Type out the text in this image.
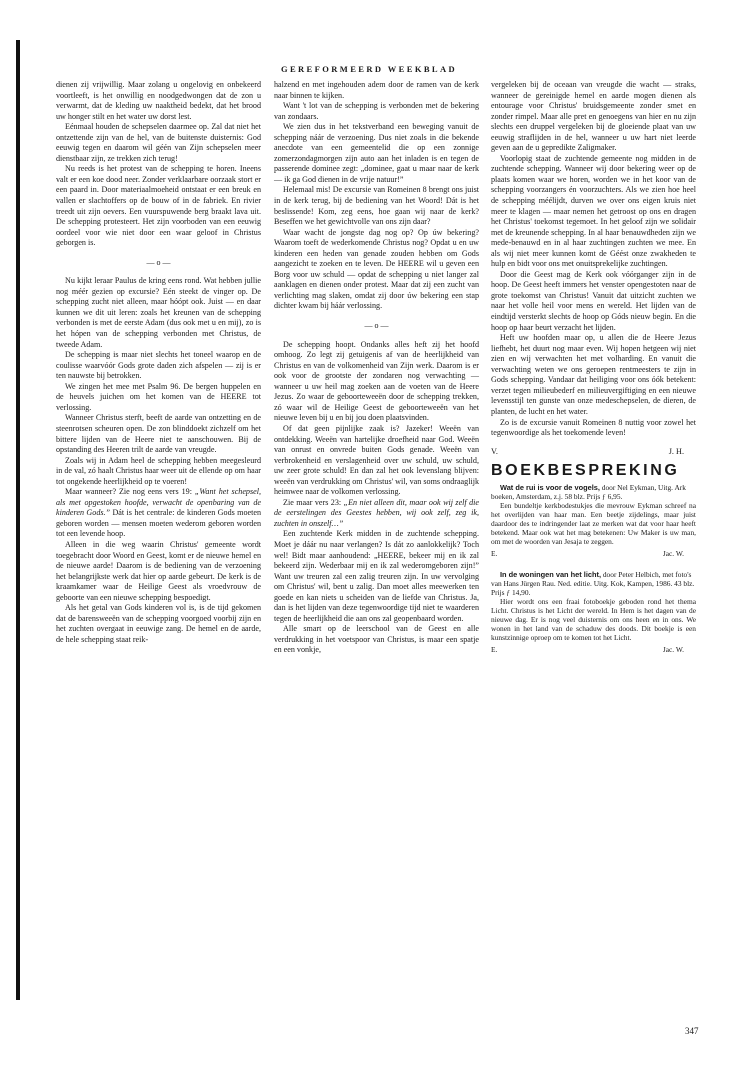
GEREFORMEERD WEEKBLAD

dienen zij vrijwillig. Maar zolang u ongelovig en onbekeerd voortleeft, is het onwillig en noodgedwongen dat de zon u verwarmt, dat de kleding uw naaktheid bedekt, dat het brood uw honger stilt en het water uw dorst lest.

Eénmaal houden de schepselen daarmee op. Zal dat niet het ontzettende zijn van de hel, van de buitenste duisternis: God eeuwig tegen en daarom wil géén van Zijn schepselen meer dienstbaar zijn, ze trekken zich terug!

Nu reeds is het protest van de schepping te horen. Ineens valt er een koe dood neer. Zonder verklaarbare oorzaak stort er een paard in. Door materiaalmoeheid ontstaat er een breuk en vallen er slachtoffers op de bouw of in de fabriek. En rivier treedt uit zijn oevers. Een vuurspuwende berg braakt lava uit. De schepping protesteert. Het zijn voorboden van een eeuwig oordeel voor wie niet door een waar geloof in Christus geborgen is.

— o —

Nu kijkt leraar Paulus de kring eens rond. Wat hebben jullie nog méér gezien op excursie? Eén steekt de vinger op. De schepping zucht niet alleen, maar hóópt ook. Juist — en daar kunnen we dit uit leren: zoals het kreunen van de schepping verbonden is met de eerste Adam (dus ook met u en mij), zo is het hópen van de schepping verbonden met Christus, de tweede Adam.

De schepping is maar niet slechts het toneel waarop en de coulisse waarvóór Gods grote daden zich afspelen — zij is er ten nauwste bij betrokken.

We zingen het mee met Psalm 96. De bergen huppelen en de heuvels juichen om het komen van de HEERE tot verlossing.

Wanneer Christus sterft, beeft de aarde van ontzetting en de steenrotsen scheuren open. De zon blinddoekt zichzelf om het bittere lijden van de Heere niet te aanschouwen. Bij de opstanding des Heeren trilt de aarde van vreugde.

Zoals wij in Adam heel de schepping hebben meegesleurd in de val, zó haalt Christus haar weer uit de ellende op om haar tot ongekende heerlijkheid op te voeren!

Maar wanneer? Zie nog eens vers 19: „Want het schepsel, als met opgestoken hoofde, verwacht de openbaring van de kinderen Gods.” Dát is het centrale: de kinderen Gods moeten geboren worden — mensen moeten wederom geboren worden tot een levende hoop.

Alleen in die weg waarin Christus' gemeente wordt toegebracht door Woord en Geest, komt er de nieuwe hemel en de nieuwe aarde! Daarom is de bediening van de verzoening het belangrijkste werk dat hier op aarde gebeurt. De kerk is de kraamkamer waar de Heilige Geest als vroedvrouw de geboorte van een nieuwe schepping bespoedigt.

Als het getal van Gods kinderen vol is, is de tijd gekomen dat de barensweeën van de schepping voorgoed voorbij zijn en het zuchten overgaat in eeuwige zang. De hemel en de aarde, de hele schepping staat reik-

halzend en met ingehouden adem door de ramen van de kerk naar binnen te kijken.

Want 't lot van de schepping is verbonden met de bekering van zondaars.

We zien dus in het tekstverband een beweging vanuit de schepping náár de verzoening. Dus niet zoals in die bekende anecdote van een gemeentelid die op een zonnige zomerzondagmorgen zijn auto aan het inladen is en tegen de passerende dominee zegt: „dominee, gaat u maar naar de kerk — ik ga God dienen in de vrije natuur!”

Helemaal mis! De excursie van Romeinen 8 brengt ons juist in de kerk terug, bij de bediening van het Woord! Dát is het beslissende! Kom, zeg eens, hoe gaan wij naar de kerk? Beseffen we het gewichtvolle van ons zijn daar?

Waar wacht de jongste dag nog op? Op úw bekering? Waarom toeft de wederkomende Christus nog? Opdat u en uw kinderen een heden van genade zouden hebben om Gods aangezicht te zoeken en te leven. De HEERE wil u geven een Borg voor uw schuld — opdat de schepping u niet langer zal aanklagen en dienen onder protest. Maar dat zij een zucht van verlichting mag slaken, omdat zij door úw bekering een stap dichter kwam bij háár verlossing.

— o —

De schepping hoopt. Ondanks alles heft zij het hoofd omhoog. Zo legt zij getuigenis af van de heerlijkheid van Christus en van de volkomenheid van Zijn werk. Daarom is er ook voor de grootste der zondaren nog verwachting — wanneer u uw heil mag zoeken aan de voeten van de Heere Jezus. Zo waar de geboorteweeën door de schepping trekken, zó waar wil de Heilige Geest de geboorteweeën van het nieuwe leven bij u en bij jou doen plaatsvinden.

Of dat geen pijnlijke zaak is? Jazeker! Weeën van ontdekking. Weeën van hartelijke droefheid naar God. Weeën van onrust en onvrede buiten Gods genade. Weeën van verbrokenheid en verslagenheid over uw schuld, uw schuld, uw zeer grote schuld! En dan zal het ook levenslang blijven: weeën van verdrukking om Christus' wil, van soms ondraaglijk heimwee naar de volkomen verlossing.

Zie maar vers 23: „En niet alleen dit, maar ook wij zelf die de eerstelingen des Geestes hebben, wij ook zelf, zeg ik, zuchten in onszelf…”

Een zuchtende Kerk midden in de zuchtende schepping. Moet je dáár nu naar verlangen? Is dát zo aanlokkelijk? Toch wel! Bidt maar aanhoudend: „HEERE, bekeer mij en ik zal bekeerd zijn. Wederbaar mij en ik zal wederomgeboren zijn!” Want uw treuren zal een zalig treuren zijn. In uw vervolging om Christus' wil, bent u zalig. Dan moet alles meewerken ten goede en kan niets u scheiden van de liefde van Christus. Ja, dan is het lijden van deze tegenwoordige tijd niet te waarderen tegen de heerlijkheid die aan ons zal geopenbaard worden.

Alle smart op de leerschool van de Geest en alle verdrukking in het voetspoor van Christus, is maar een spatje en een vonkje,

vergeleken bij de oceaan van vreugde die wacht — straks, wanneer de gereinigde hemel en aarde mogen dienen als entourage voor Christus' bruidsgemeente zonder smet en zonder rimpel. Maar alle pret en genoegens van hier en nu zijn slechts een druppel vergeleken bij de gloeiende plaat van uw eeuwig straflijden in de hel, wanneer u uw hart niet leerde geven aan de u gepredikte Zaligmaker.

Voorlopig staat de zuchtende gemeente nog midden in de zuchtende schepping. Wanneer wij door bekering weer op de plaats komen waar we horen, worden we in het koor van de schepping voorzangers én voorzuchters. Als we zien hoe heel de schepping méélijdt, durven we over ons eigen kruis niet meer te klagen — maar nemen het getroost op ons en dragen het Christus' toekomst tegemoet. In het geloof zijn we solidair met de kreunende schepping. In al haar benauwdheden zijn we mede-benauwd en in al haar zuchtingen zuchten we mee. En als wij niet meer kunnen komt de Géést onze zwakheden te hulp en bidt voor ons met onuitsprekelijke zuchtingen.

Door die Geest mag de Kerk ook vóórganger zijn in de hoop. De Geest heeft immers het venster opengestoten naar de grote toekomst van Christus! Vanuit dat uitzicht zuchten we naar het volle heil voor mens en wereld. Het lijden van de eindtijd versterkt slechts de hoop op Góds nieuw begin. En die hoop op haar beurt verzacht het lijden.

Heft uw hoofden maar op, u allen die de Heere Jezus liefhebt, het duurt nog maar even. Wij hopen hetgeen wij niet zien en wij verwachten het met volharding. En vanuit die verwachting weten we ons geroepen rentmeesters te zijn in Gods schepping. Vandaar dat heiliging voor ons óók betekent: verzet tegen milieubederf en milieuvergiftiging en een nieuwe levensstijl ten gunste van onze medeschepselen, de dieren, de planten, de lucht en het water.

Zo is de excursie vanuit Romeinen 8 nuttig voor zowel het tegenwoordige als het toekomende leven!

V.	J. H.
BOEKBESPREKING

Wat de rui is voor de vogels, door Nel Eykman, Uitg. Ark boeken, Amsterdam, z.j. 58 blz. Prijs ƒ 6,95.

Een bundeltje kerkbodestukjes die mevrouw Eykman schreef na het overlijden van haar man. Een beetje zijdelings, maar juist daardoor des te indringender laat ze merken wat dat voor haar heeft betekend. Maar ook wat het mag betekenen: Uw Maker is uw man, om met de woorden van Jesaja te zeggen.

E.	Jac. W.

In de woningen van het licht, door Peter Helbich, met foto's van Hans Jürgen Rau. Ned. editie. Uitg. Kok, Kampen, 1986. 43 blz. Prijs ƒ 14,90.

Hier wordt ons een fraai fotoboekje geboden rond het thema Licht. Christus is het Licht der wereld. In Hem is het dagen van de nieuwe dag. Er is nog veel duisternis om ons heen en in ons. We wonen in het land van de schaduw des doods. Dit boekje is een kunstzinnige oproep om te komen tot het Licht.

E.	Jac. W.
347
